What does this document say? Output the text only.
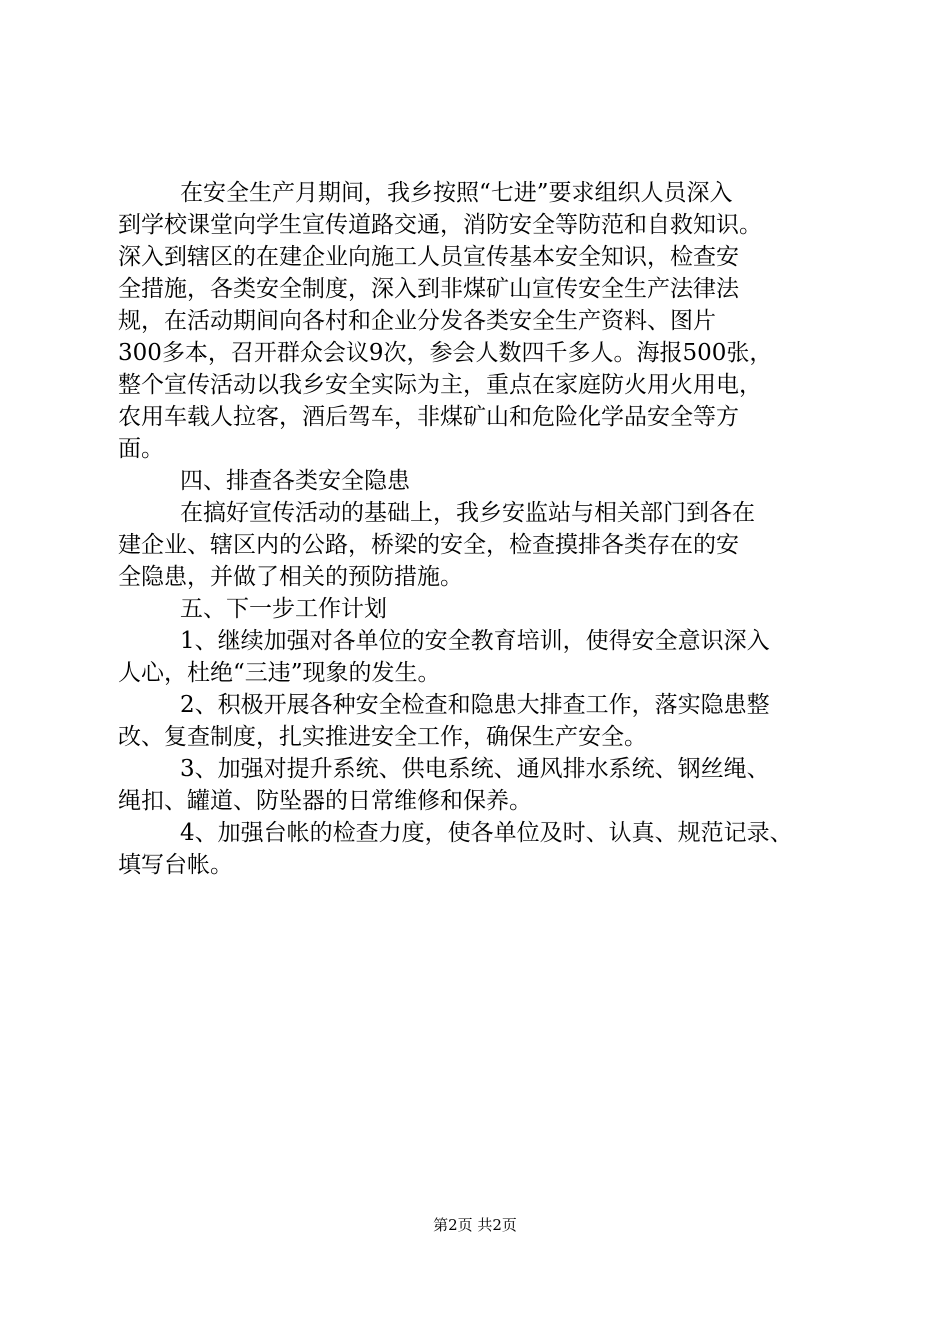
在安全生产月期间，我乡按照“七进”要求组织人员深入
到学校课堂向学生宣传道路交通，消防安全等防范和自救知识。
深入到辖区的在建企业向施工人员宣传基本安全知识，检查安
全措施，各类安全制度，深入到非煤矿山宣传安全生产法律法
规，在活动期间向各村和企业分发各类安全生产资料、图片
300多本，召开群众会议9次，参会人数四千多人。海报500张，
整个宣传活动以我乡安全实际为主，重点在家庭防火用火用电，
农用车载人拉客，酒后驾车，非煤矿山和危险化学品安全等方
面。
四、排查各类安全隐患
在搞好宣传活动的基础上，我乡安监站与相关部门到各在
建企业、辖区内的公路，桥梁的安全，检查摸排各类存在的安
全隐患，并做了相关的预防措施。
五、下一步工作计划
1、继续加强对各单位的安全教育培训，使得安全意识深入
人心，杜绝“三违”现象的发生。
2、积极开展各种安全检查和隐患大排查工作，落实隐患整
改、复查制度，扎实推进安全工作，确保生产安全。
3、加强对提升系统、供电系统、通风排水系统、钢丝绳、
绳扣、罐道、防坠器的日常维修和保养。
4、加强台帐的检查力度，使各单位及时、认真、规范记录、
填写台帐。
第2页 共2页
